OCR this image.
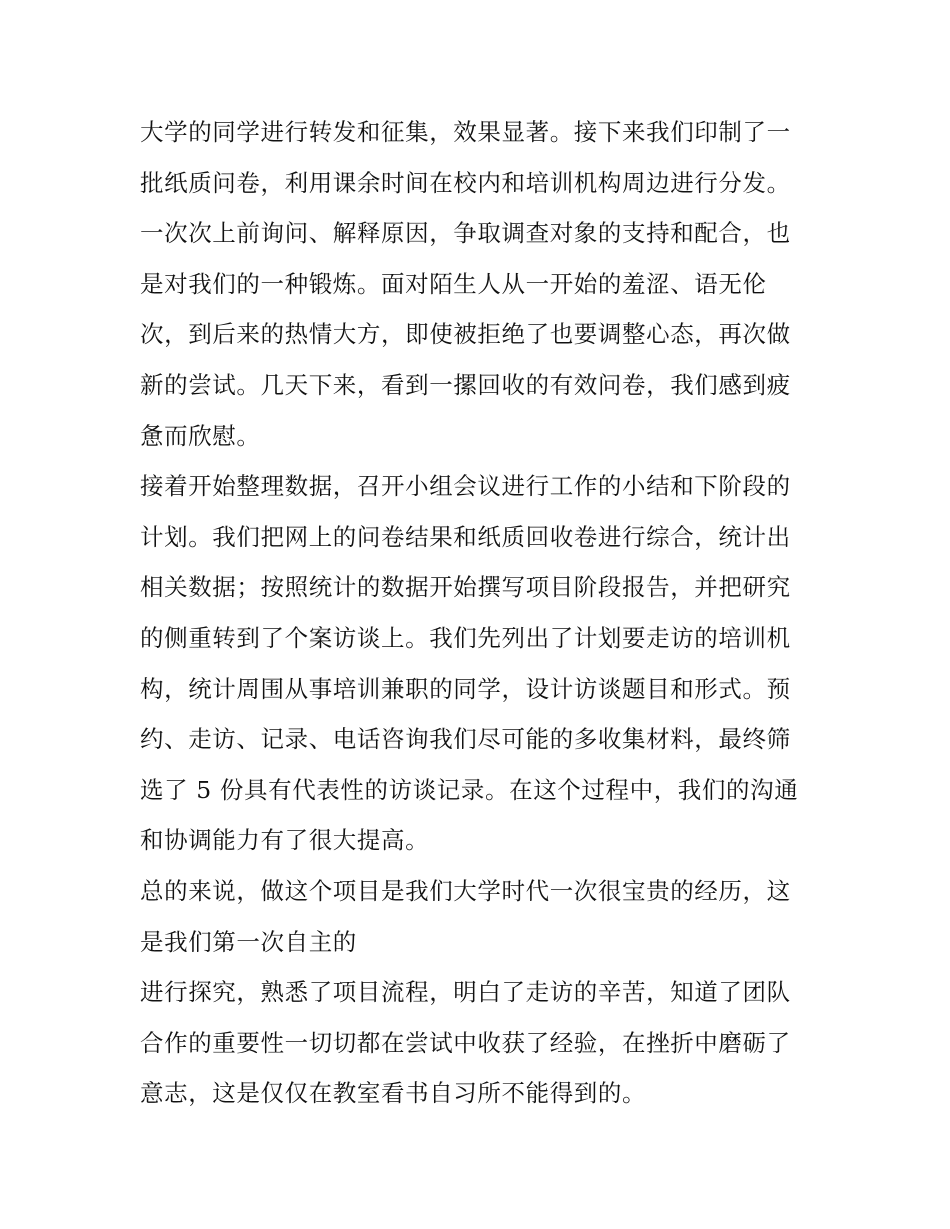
大学的同学进行转发和征集，效果显著。接下来我们印制了一
批纸质问卷，利用课余时间在校内和培训机构周边进行分发。
一次次上前询问、解释原因，争取调查对象的支持和配合，也
是对我们的一种锻炼。面对陌生人从一开始的羞涩、语无伦
次，到后来的热情大方，即使被拒绝了也要调整心态，再次做
新的尝试。几天下来，看到一摞回收的有效问卷，我们感到疲
惫而欣慰。
接着开始整理数据，召开小组会议进行工作的小结和下阶段的
计划。我们把网上的问卷结果和纸质回收卷进行综合，统计出
相关数据；按照统计的数据开始撰写项目阶段报告，并把研究
的侧重转到了个案访谈上。我们先列出了计划要走访的培训机
构，统计周围从事培训兼职的同学，设计访谈题目和形式。预
约、走访、记录、电话咨询我们尽可能的多收集材料，最终筛
选了 5 份具有代表性的访谈记录。在这个过程中，我们的沟通
和协调能力有了很大提高。
总的来说，做这个项目是我们大学时代一次很宝贵的经历，这
是我们第一次自主的
进行探究，熟悉了项目流程，明白了走访的辛苦，知道了团队
合作的重要性一切切都在尝试中收获了经验，在挫折中磨砺了
意志，这是仅仅在教室看书自习所不能得到的。
